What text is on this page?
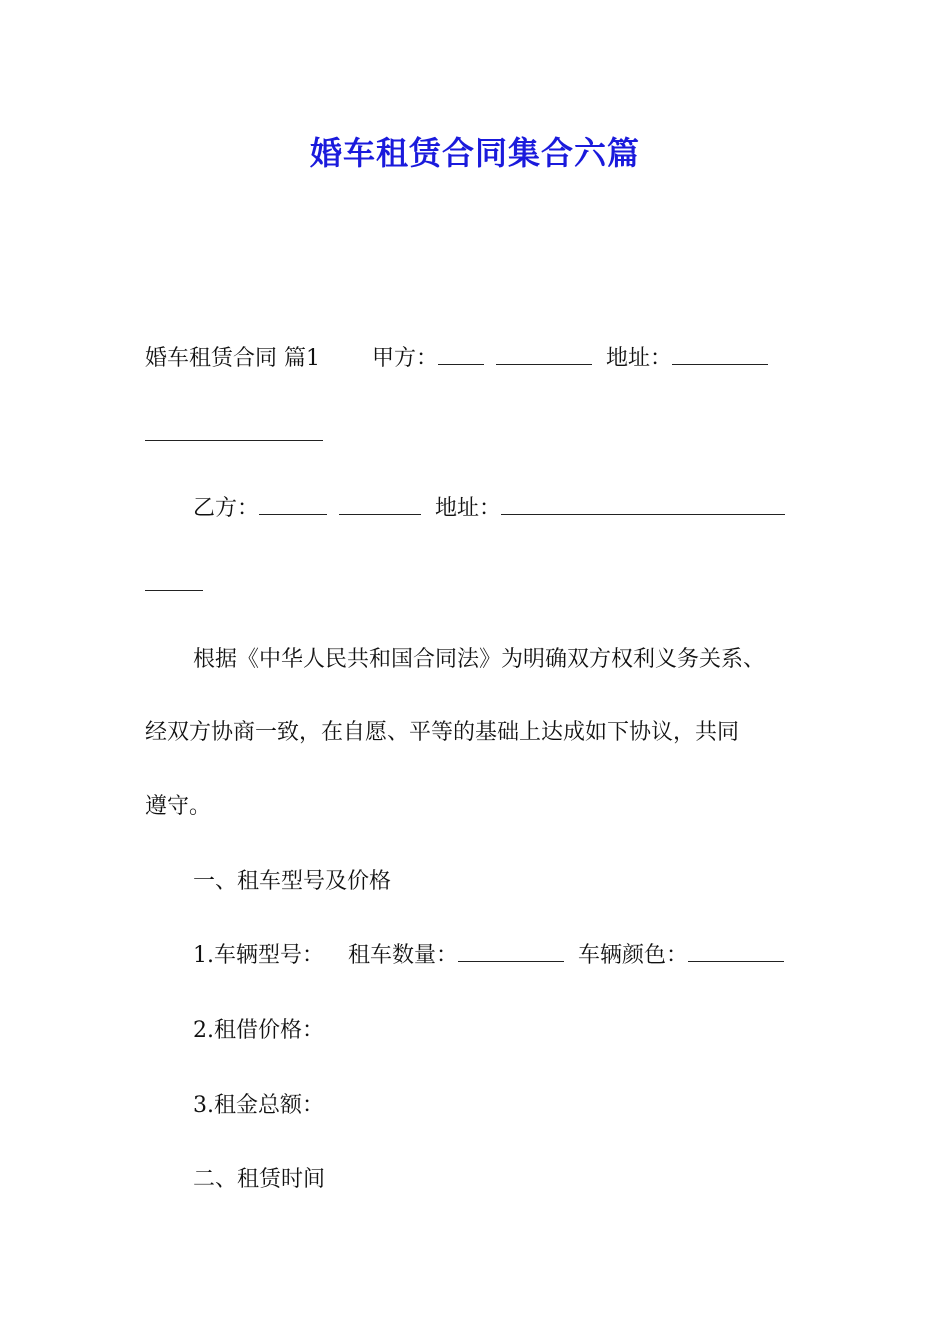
婚车租赁合同集合六篇
婚车租赁合同 篇1 甲方：	地址：
乙方：	地址：
根据《中华人民共和国合同法》为明确双方权利义务关系、
经双方协商一致，在自愿、平等的基础上达成如下协议，共同
遵守。
一、租车型号及价格
1.车辆型号： 租车数量：	车辆颜色：
2.租借价格：
3.租金总额：
二、租赁时间
